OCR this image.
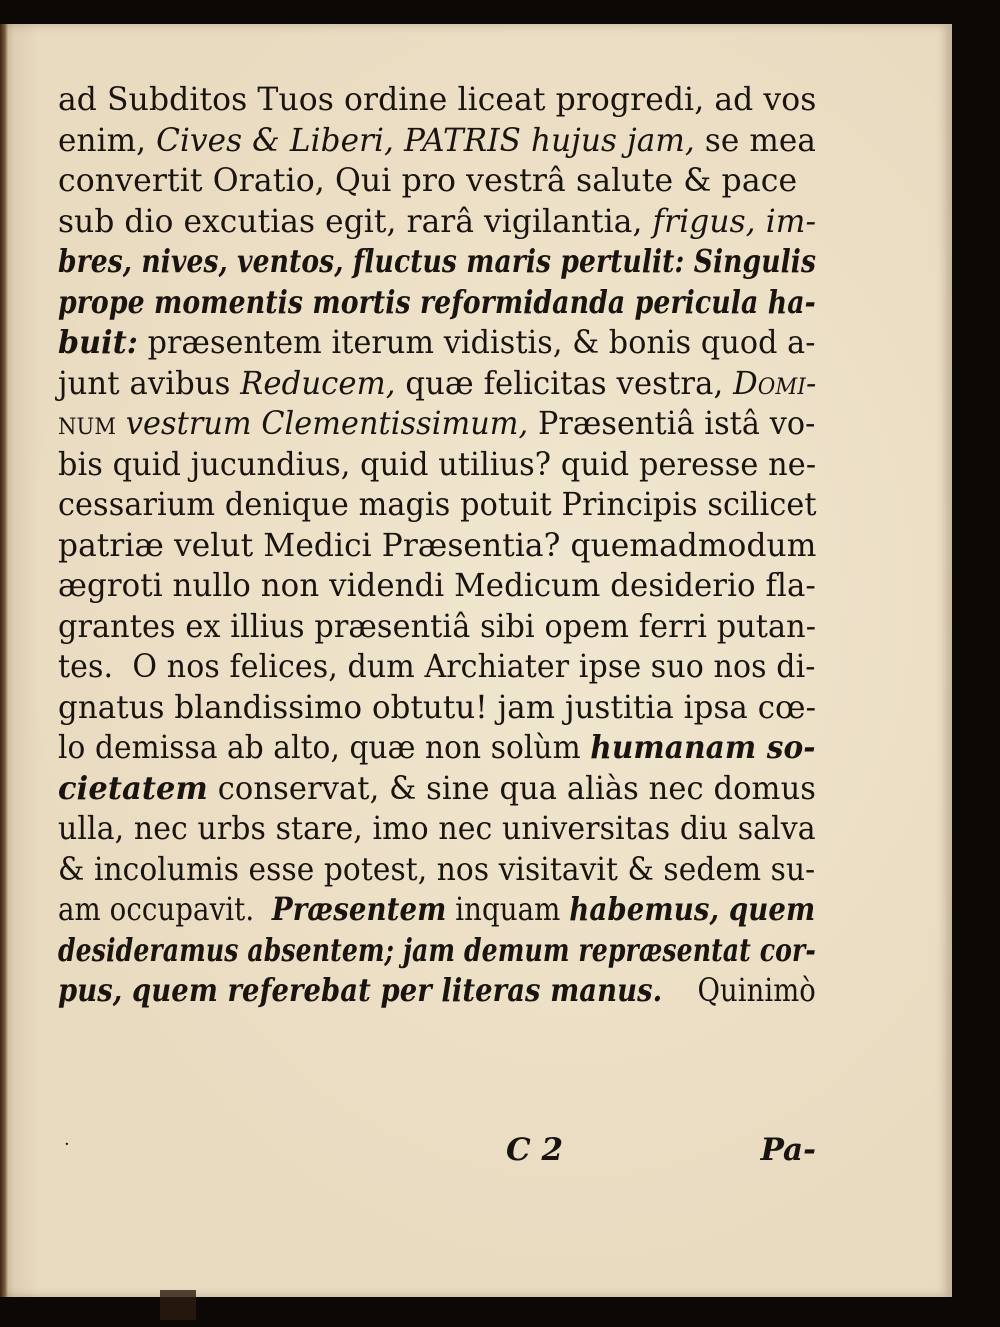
ad Subditos Tuos ordine liceat progredi, ad vos
enim, Cives & Liberi, PATRIS hujus jam, se mea
convertit Oratio, Qui pro vestrâ salute & pace
sub dio excutias egit, rarâ vigilantia, frigus, im-
bres, nives, ventos, fluctus maris pertulit: Singulis
prope momentis mortis reformidanda pericula ha-
buit: præsentem iterum vidistis, & bonis quod a-
junt avibus Reducem, quæ felicitas vestra, Domi-
num vestrum Clementissimum, Præsentiâ istâ vo-
bis quid jucundius, quid utilius? quid peresse ne-
cessarium denique magis potuit Principis scilicet
patriæ velut Medici Præsentia? quemadmodum
ægroti nullo non videndi Medicum desiderio fla-
grantes ex illius præsentiâ sibi opem ferri putan-
tes.  O nos felices, dum Archiater ipse suo nos di-
gnatus blandissimo obtutu! jam justitia ipsa cœ-
lo demissa ab alto, quæ non solùm humanam so-
cietatem conservat, & sine qua aliàs nec domus
ulla, nec urbs stare, imo nec universitas diu salva
& incolumis esse potest, nos visitavit & sedem su-
am occupavit.  Præsentem inquam habemus, quem
desideramus absentem; jam demum repræsentat cor-
pus, quem referebat per literas manus.    Quinimò
·	C 2	Pa-
